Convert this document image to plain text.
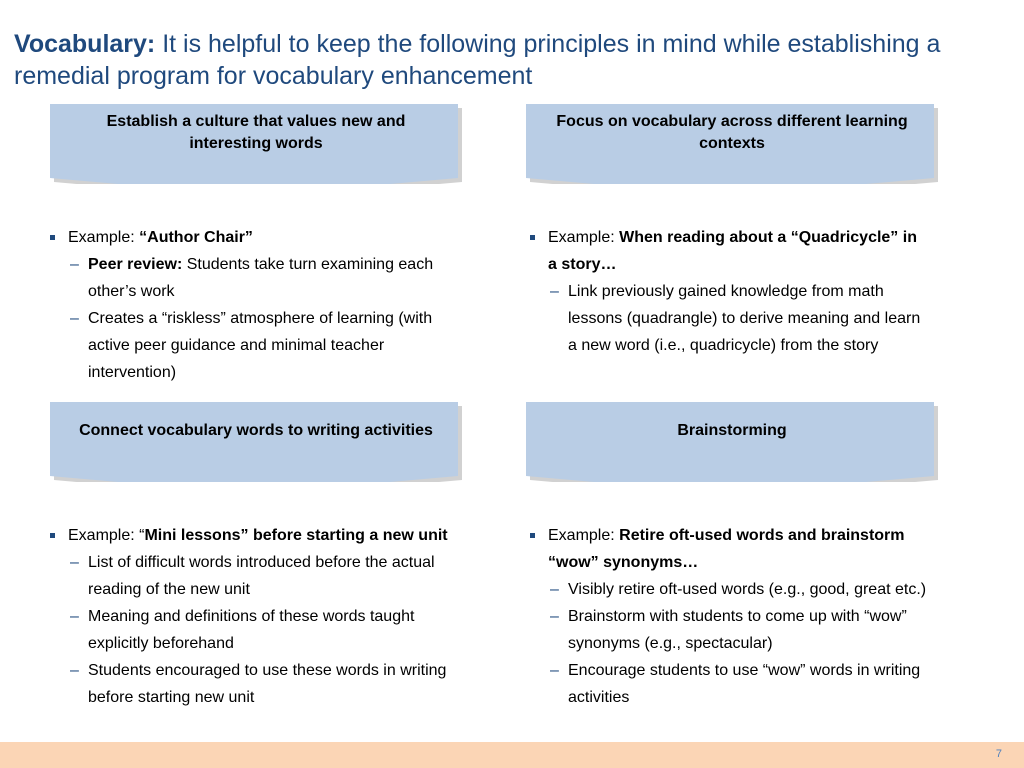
Vocabulary: It is helpful to keep the following principles in mind while establishing a remedial program for vocabulary enhancement
Establish a culture that values new and interesting words
Example: “Author Chair”
– Peer review: Students take turn examining each other’s work
– Creates a “riskless” atmosphere of learning (with active peer guidance and minimal teacher intervention)
Focus on vocabulary across different learning contexts
Example: When reading about a “Quadricycle” in a story…
– Link previously gained knowledge from math lessons (quadrangle) to derive meaning and learn a new word (i.e., quadricycle) from the story
Connect vocabulary words to writing activities
Example: “Mini lessons” before starting a new unit
– List of difficult words introduced before the actual reading of the new unit
– Meaning and definitions of these words taught explicitly beforehand
– Students encouraged to use these words in writing before starting new unit
Brainstorming
Example: Retire oft-used words and brainstorm “wow” synonyms…
– Visibly retire oft-used words (e.g., good, great etc.)
– Brainstorm with students to come up with “wow” synonyms (e.g., spectacular)
– Encourage students to use “wow” words in writing activities
7
